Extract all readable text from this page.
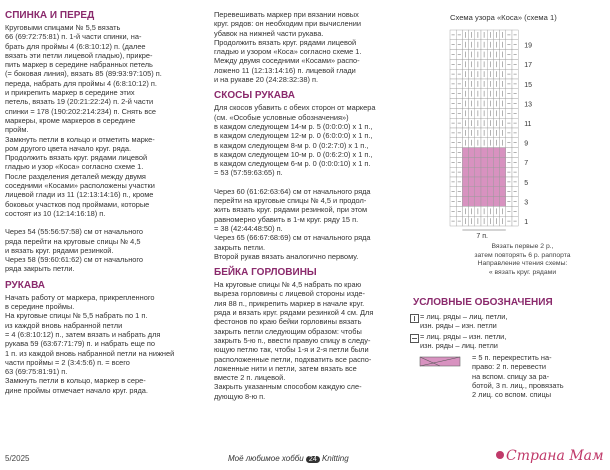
СПИНКА И ПЕРЕД

Круговыми спицами № 5,5 вязать

66 (69:72:75:81) п. 1-й части спинки, на-

брать для проймы 4 (6:8:10:12) п. (далее

вязать эти петли лицевой гладью), прикре-

пить маркер в середине набранных петель

(= боковая линия), вязать 85 (89:93:97:105) п.

переда, набрать для проймы 4 (6:8:10:12) п.

и прикрепить маркер в середине этих

петель, вязать 19 (20:21:22:24) п. 2-й части

спинки = 178 (190:202:214:234) п. Снять все

маркеры, кроме маркеров в середине

пройм.

Замкнуть петли в кольцо и отметить марке-

ром другого цвета начало круг. ряда.

Продолжить вязать круг. рядами лицевой

гладью и узор «Коса» согласно схеме 1.

После разделения деталей между двумя

соседними «Косами» расположены участки

лицевой глади из 11 (12:13:14:16) п., кроме

боковых участков под проймами, которые

состоят из 10 (12:14:16:18) п.

Через 54 (55:56:57:58) см от начального

ряда перейти на круговые спицы № 4,5

и вязать круг. рядами резинкой.

Через 58 (59:60:61:62) см от начального

ряда закрыть петли.

РУКАВА

Начать работу от маркера, прикрепленного

в середине проймы.

На круговые спицы № 5,5 набрать по 1 п.

из каждой вновь набранной петли

= 4 (6:8:10:12) п., затем вязать и набрать для

рукава 59 (63:67:71:79) п. и набрать еще по

1 п. из каждой вновь набранной петли на нижней

части проймы = 2 (3:4:5:6) п. = всего

63 (69:75:81:91) п.

Замкнуть петли в кольцо, маркер в сере-

дине проймы отмечает начало круг. ряда.

Перевешивать маркер при вязании новых

круг. рядов: он необходим при вычислении

убавок на нижней части рукава.

Продолжить вязать круг. рядами лицевой

гладью и узором «Коса» согласно схеме 1.

Между двумя соседними «Косами» распо-

ложено 11 (12:13:14:16) п. лицевой глади

и на рукаве 20 (24:28:32:38) п.

СКОСЫ РУКАВА

Для скосов убавить с обеих сторон от маркера

(см. «Особые условные обозначения»)

в каждом следующем 14-м р. 5 (0:0:0:0) x 1 п.,

в каждом следующем 12-м р. 0 (6:0:0:0) x 1 п.,

в каждом следующем 8-м р. 0 (0:2:7:0) x 1 п.,

в каждом следующем 10-м р. 0 (0:6:2:0) x 1 п.,

в каждом следующем 6-м р. 0 (0:0:0:10) x 1 п.

= 53 (57:59:63:65) п.

Через 60 (61:62:63:64) см от начального ряда

перейти на круговые спицы № 4,5 и продол-

жить вязать круг. рядами резинкой, при этом

равномерно убавить в 1-м круг. ряду 15 п.

= 38 (42:44:48:50) п.

Через 65 (66:67:68:69) см от начального ряда

закрыть петли.

Второй рукав вязать аналогично первому.

БЕЙКА ГОРЛОВИНЫ

На круговые спицы № 4,5 набрать по краю

выреза горловины с лицевой стороны изде-

лия 88 п., прикрепить маркер в начале круг.

ряда и вязать круг. рядами резинкой 4 см. Для

фестонов по краю бейки горловины вязать

закрыть петли следующим образом: чтобы

закрыть 5-ю п., ввести правую спицу в следу-

ющую петлю так, чтобы 1-я и 2-я петли были

расположенные петли, подхватить все распо-

ложенные нити и петли, затем вязать все

вместе 2 п. лицевой.

Закрыть указанным способом каждую сле-

дующую 8-ю п.

Схема узора «Коса» (схема 1)
19
17
15
13
11
9
7
5
3
1
7 п.
Вязать первые 2 р.,
затем повторять 6 р. раппорта
Направление чтения схемы:
« вязать круг. рядами
УСЛОВНЫЕ ОБОЗНАЧЕНИЯ

= лиц. ряды – лиц. петли,

изн. ряды – изн. петли

= лиц. ряды – изн. петли,

изн. ряды – лиц. петли

= 5 п. перекрестить на-

право: 2 п. перевести

на вспом. спицу за ра-

ботой, 3 п. лиц., провязать

2 лиц. со вспом. спицы

5/2025	Моё любимое хобби 24 Knitting	Страна Мам
